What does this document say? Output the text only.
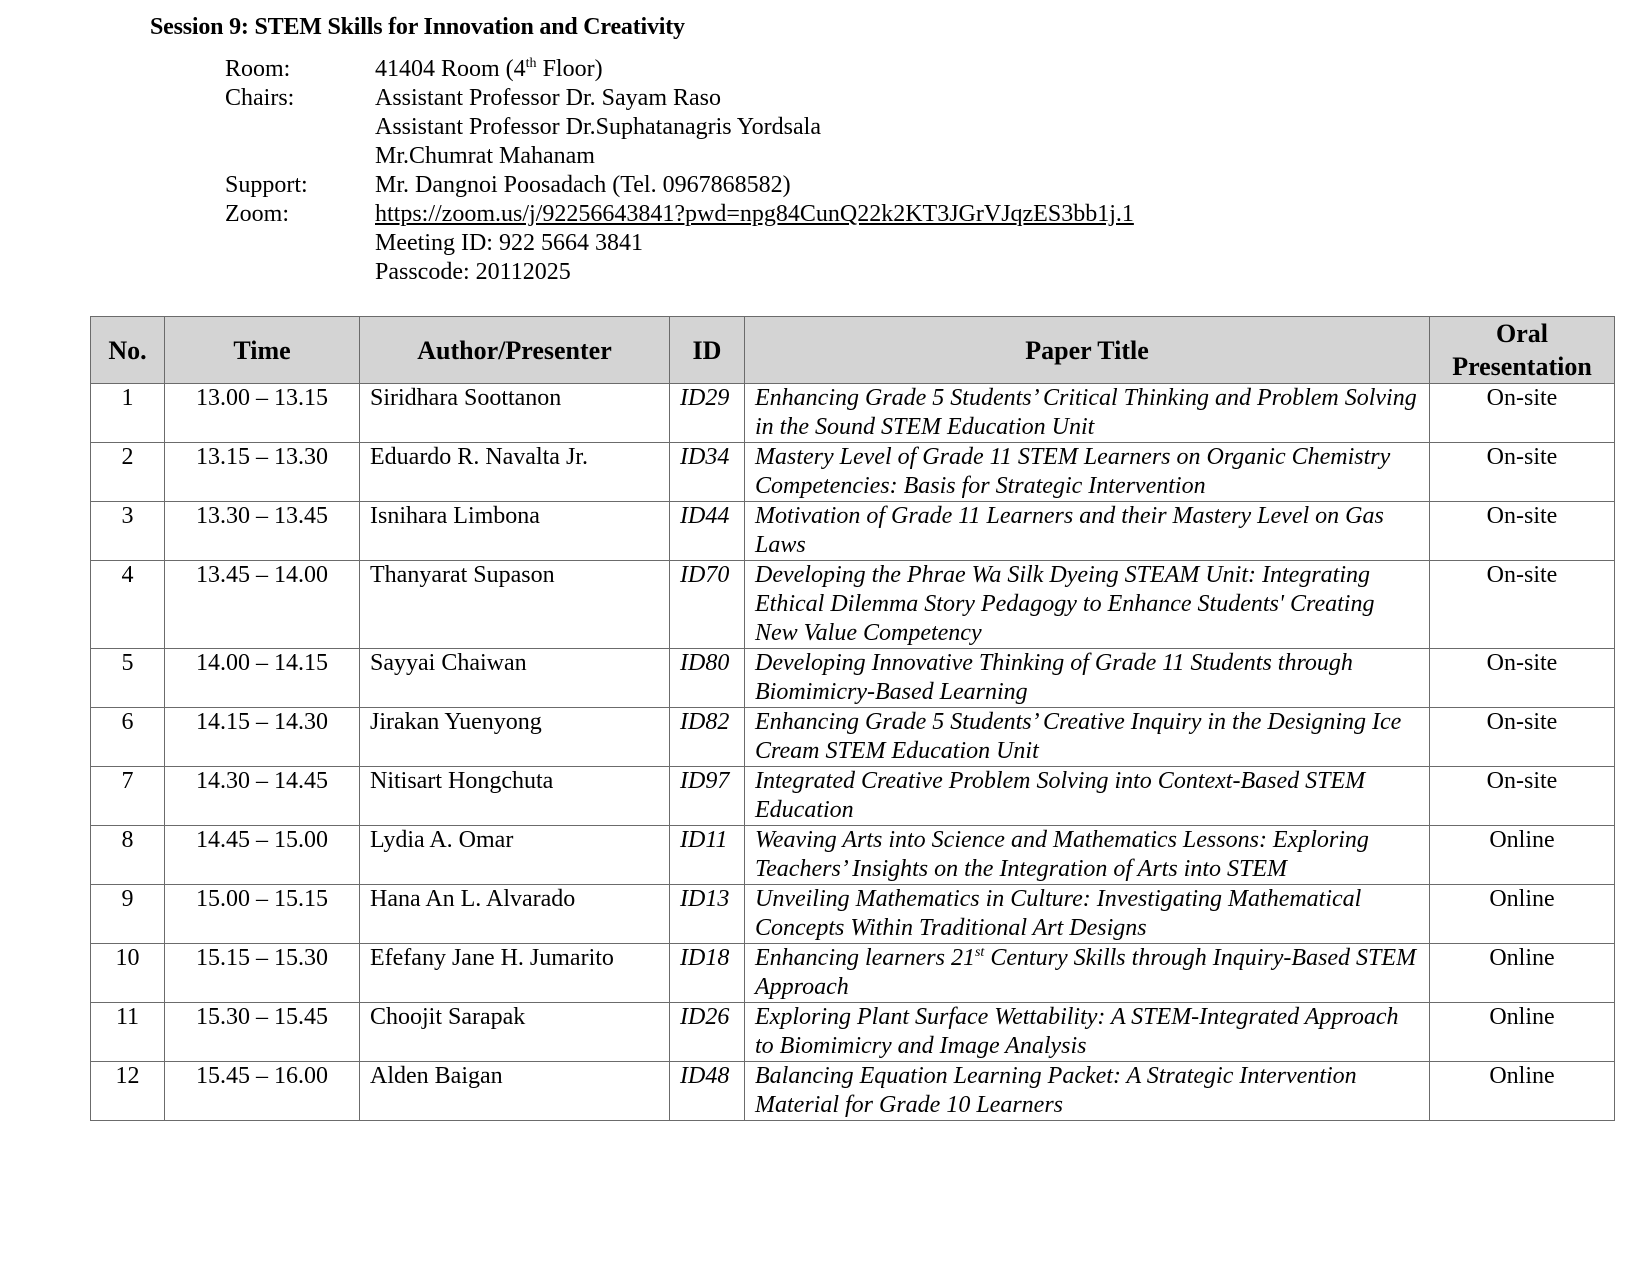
Session 9: STEM Skills for Innovation and Creativity
Room:	41404 Room (4th Floor)
Chairs:	Assistant Professor Dr. Sayam Raso
Assistant Professor Dr.Suphatanagris Yordsala
Mr.Chumrat Mahanam
Support:	Mr. Dangnoi Poosadach (Tel. 0967868582)
Zoom:	https://zoom.us/j/92256643841?pwd=npg84CunQ22k2KT3JGrVJqzES3bb1j.1
Meeting ID: 922 5664 3841
Passcode: 20112025
No.	Time	Author/Presenter	ID	Paper Title	Oral
Presentation
1	13.00 – 13.15	Siridhara Soottanon	ID29	Enhancing Grade 5 Students’ Critical Thinking and Problem Solving in the Sound STEM Education Unit	On-site
2	13.15 – 13.30	Eduardo R. Navalta Jr.	ID34	Mastery Level of Grade 11 STEM Learners on Organic Chemistry Competencies: Basis for Strategic Intervention	On-site
3	13.30 – 13.45	Isnihara Limbona	ID44	Motivation of Grade 11 Learners and their Mastery Level on Gas Laws	On-site
4	13.45 – 14.00	Thanyarat Supason	ID70	Developing the Phrae Wa Silk Dyeing STEAM Unit: Integrating Ethical Dilemma Story Pedagogy to Enhance Students' Creating New Value Competency	On-site
5	14.00 – 14.15	Sayyai Chaiwan	ID80	Developing Innovative Thinking of Grade 11 Students through Biomimicry-Based Learning	On-site
6	14.15 – 14.30	Jirakan Yuenyong	ID82	Enhancing Grade 5 Students’ Creative Inquiry in the Designing Ice Cream STEM Education Unit	On-site
7	14.30 – 14.45	Nitisart Hongchuta	ID97	Integrated Creative Problem Solving into Context-Based STEM Education	On-site
8	14.45 – 15.00	Lydia A. Omar	ID11	Weaving Arts into Science and Mathematics Lessons: Exploring Teachers’ Insights on the Integration of Arts into STEM	Online
9	15.00 – 15.15	Hana An L. Alvarado	ID13	Unveiling Mathematics in Culture: Investigating Mathematical Concepts Within Traditional Art Designs	Online
10	15.15 – 15.30	Efefany Jane H. Jumarito	ID18	Enhancing learners 21st Century Skills through Inquiry-Based STEM Approach	Online
11	15.30 – 15.45	Choojit Sarapak	ID26	Exploring Plant Surface Wettability: A STEM-Integrated Approach to Biomimicry and Image Analysis	Online
12	15.45 – 16.00	Alden Baigan	ID48	Balancing Equation Learning Packet: A Strategic Intervention Material for Grade 10 Learners	Online
